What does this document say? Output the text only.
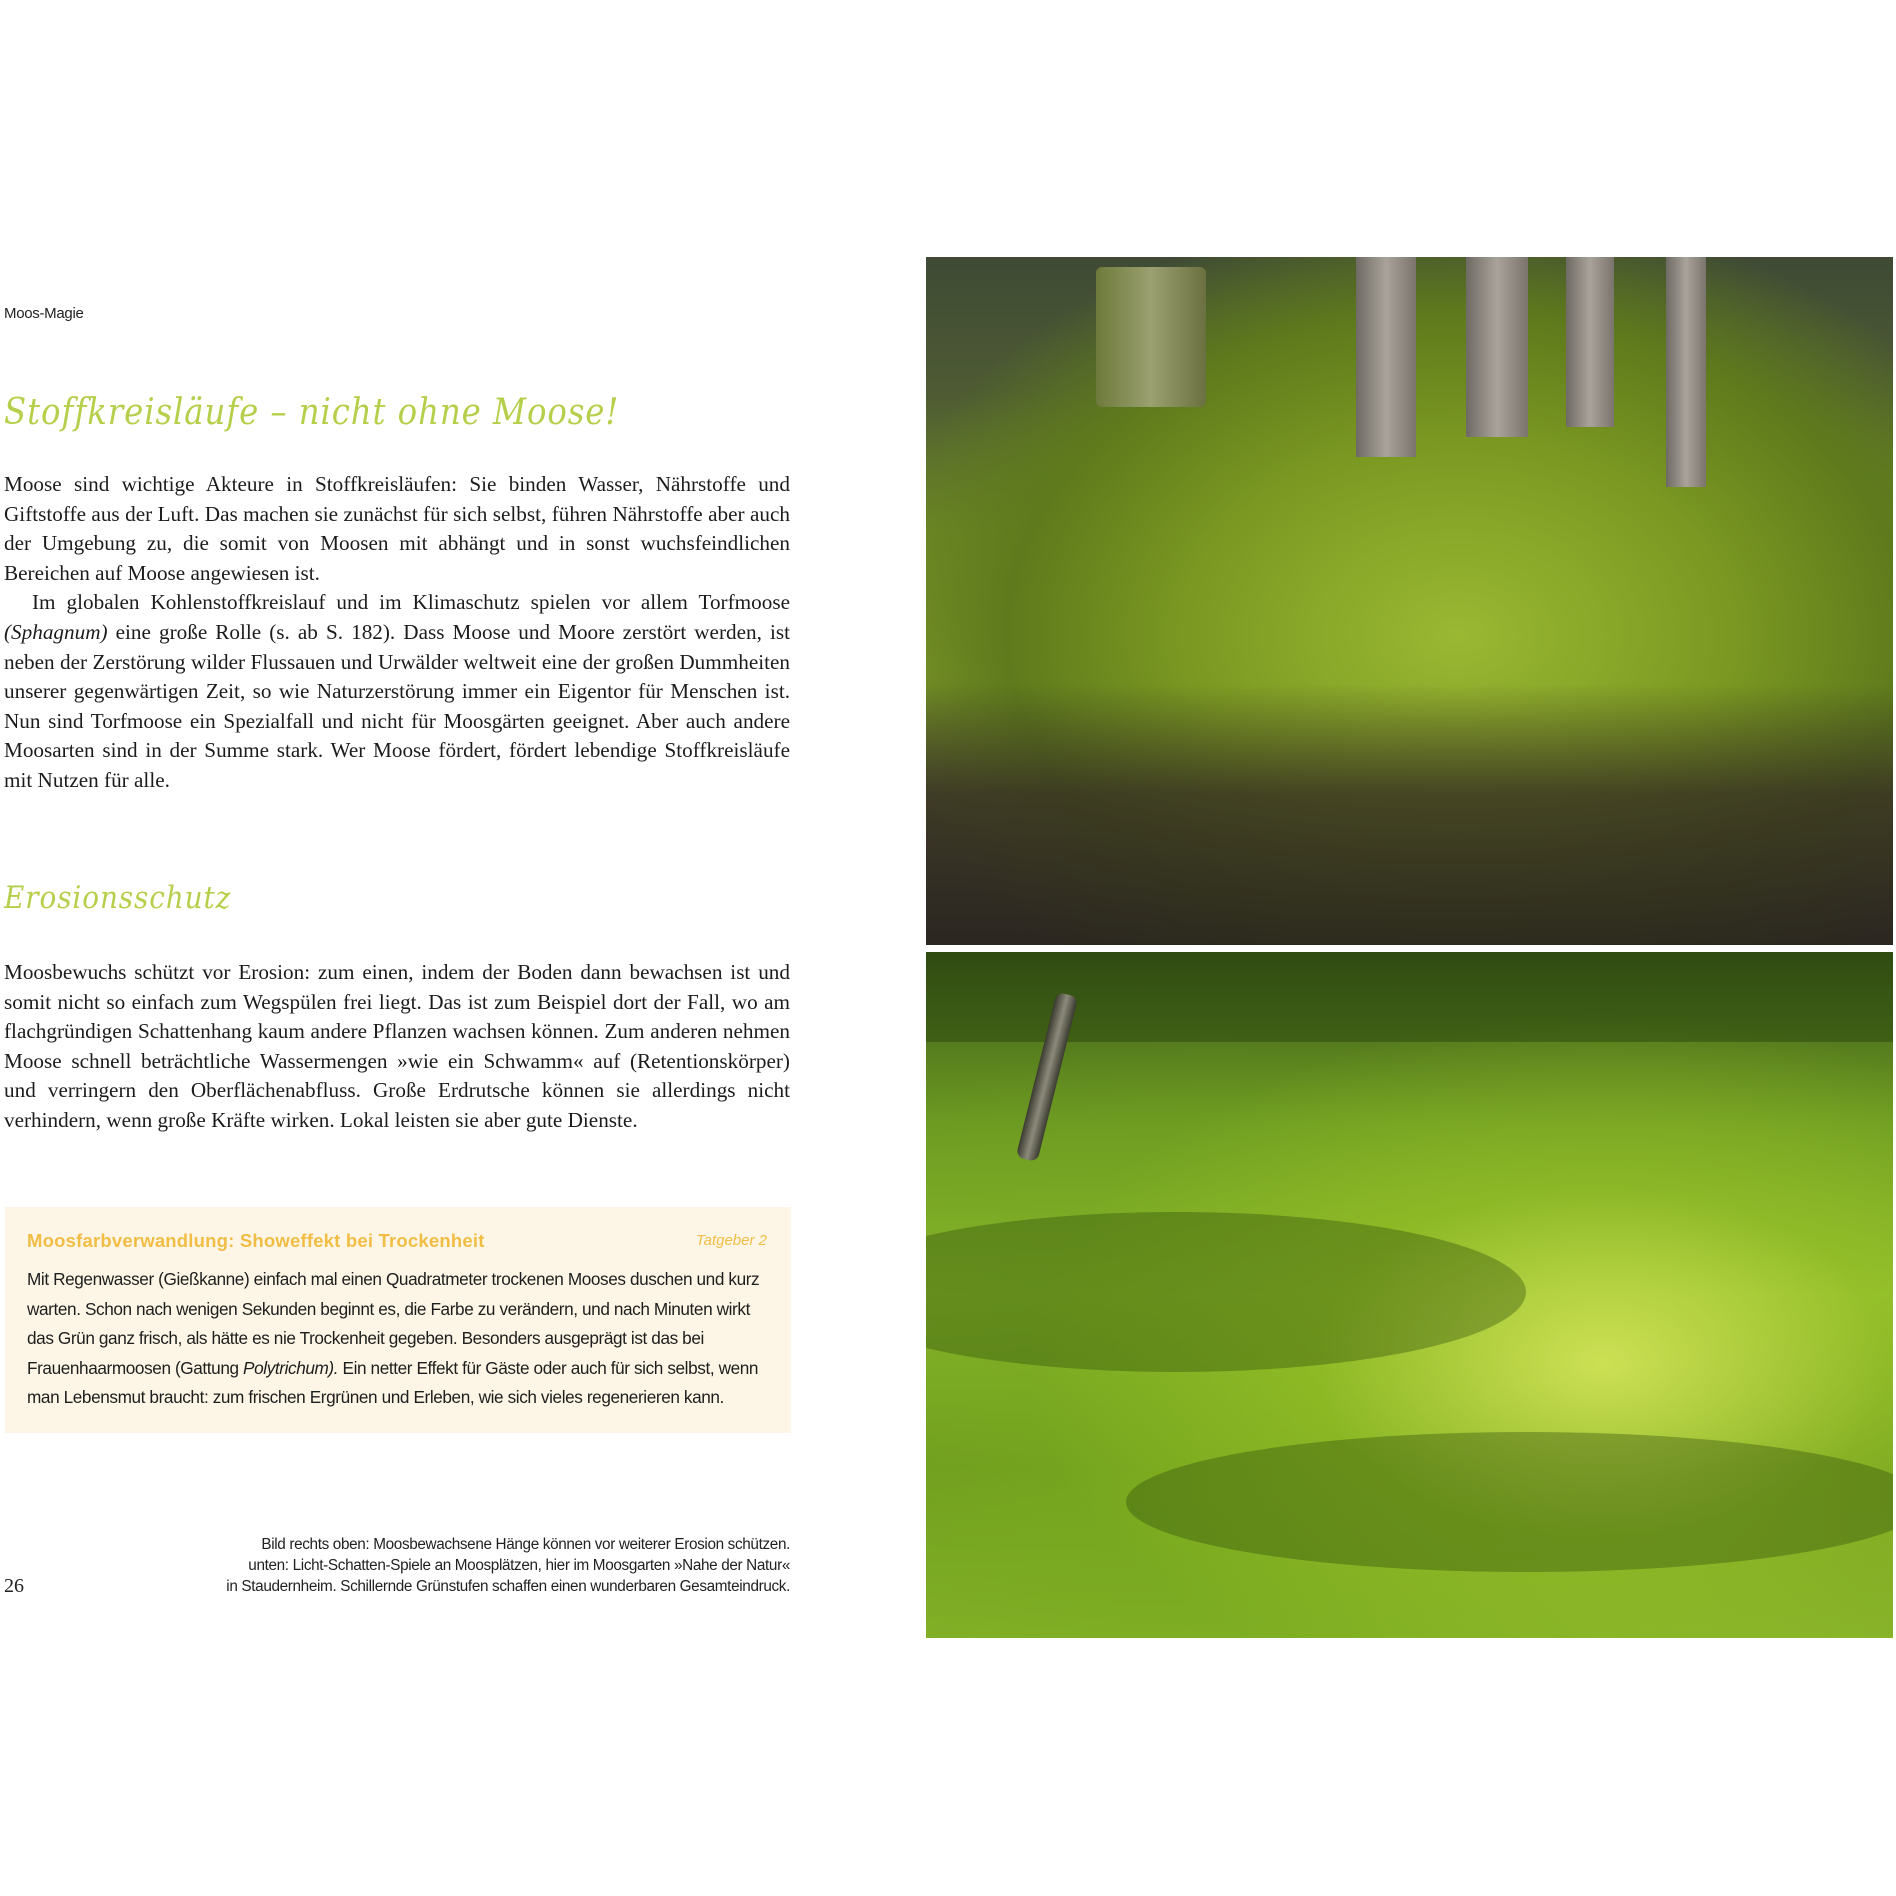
Moos-Magie
Stoffkreisläufe – nicht ohne Moose!

Moose sind wichtige Akteure in Stoffkreisläufen: Sie binden Wasser, Nährstoffe und Giftstoffe aus der Luft. Das machen sie zunächst für sich selbst, führen Nährstoffe aber auch der Umgebung zu, die somit von Moosen mit abhängt und in sonst wuchsfeindlichen Bereichen auf Moose angewiesen ist.

Im globalen Kohlenstoffkreislauf und im Klimaschutz spielen vor allem Torfmoose (Sphagnum) eine große Rolle (s. ab S. 182). Dass Moose und Moore zerstört werden, ist neben der Zerstörung wilder Flussauen und Urwälder weltweit eine der großen Dummheiten unserer gegenwärtigen Zeit, so wie Naturzerstörung immer ein Eigentor für Menschen ist. Nun sind Torfmoose ein Spezialfall und nicht für Moosgärten geeignet. Aber auch andere Moosarten sind in der Summe stark. Wer Moose fördert, fördert lebendige Stoffkreisläufe mit Nutzen für alle.

Erosionsschutz

Moosbewuchs schützt vor Erosion: zum einen, indem der Boden dann bewachsen ist und somit nicht so einfach zum Wegspülen frei liegt. Das ist zum Beispiel dort der Fall, wo am flachgründigen Schattenhang kaum andere Pflanzen wachsen können. Zum anderen nehmen Moose schnell beträchtliche Wassermengen »wie ein Schwamm« auf (Retentionskörper) und verringern den Oberflächenabfluss. Große Erdrutsche können sie allerdings nicht verhindern, wenn große Kräfte wirken. Lokal leisten sie aber gute Dienste.

Moosfarbverwandlung: Showeffekt bei Trockenheit	Tatgeber 2
Mit Regenwasser (Gießkanne) einfach mal einen Quadratmeter trockenen Mooses duschen und kurz warten. Schon nach wenigen Sekunden beginnt es, die Farbe zu verändern, und nach Minuten wirkt das Grün ganz frisch, als hätte es nie Trockenheit gegeben. Besonders ausgeprägt ist das bei Frauenhaarmoosen (Gattung Polytrichum). Ein netter Effekt für Gäste oder auch für sich selbst, wenn man Lebensmut braucht: zum frischen Ergrünen und Erleben, wie sich vieles regenerieren kann.
Bild rechts oben: Moosbewachsene Hänge können vor weiterer Erosion schützen.
unten: Licht-Schatten-Spiele an Moosplätzen, hier im Moosgarten »Nahe der Natur«
in Staudernheim. Schillernde Grünstufen schaffen einen wunderbaren Gesamteindruck.
26
